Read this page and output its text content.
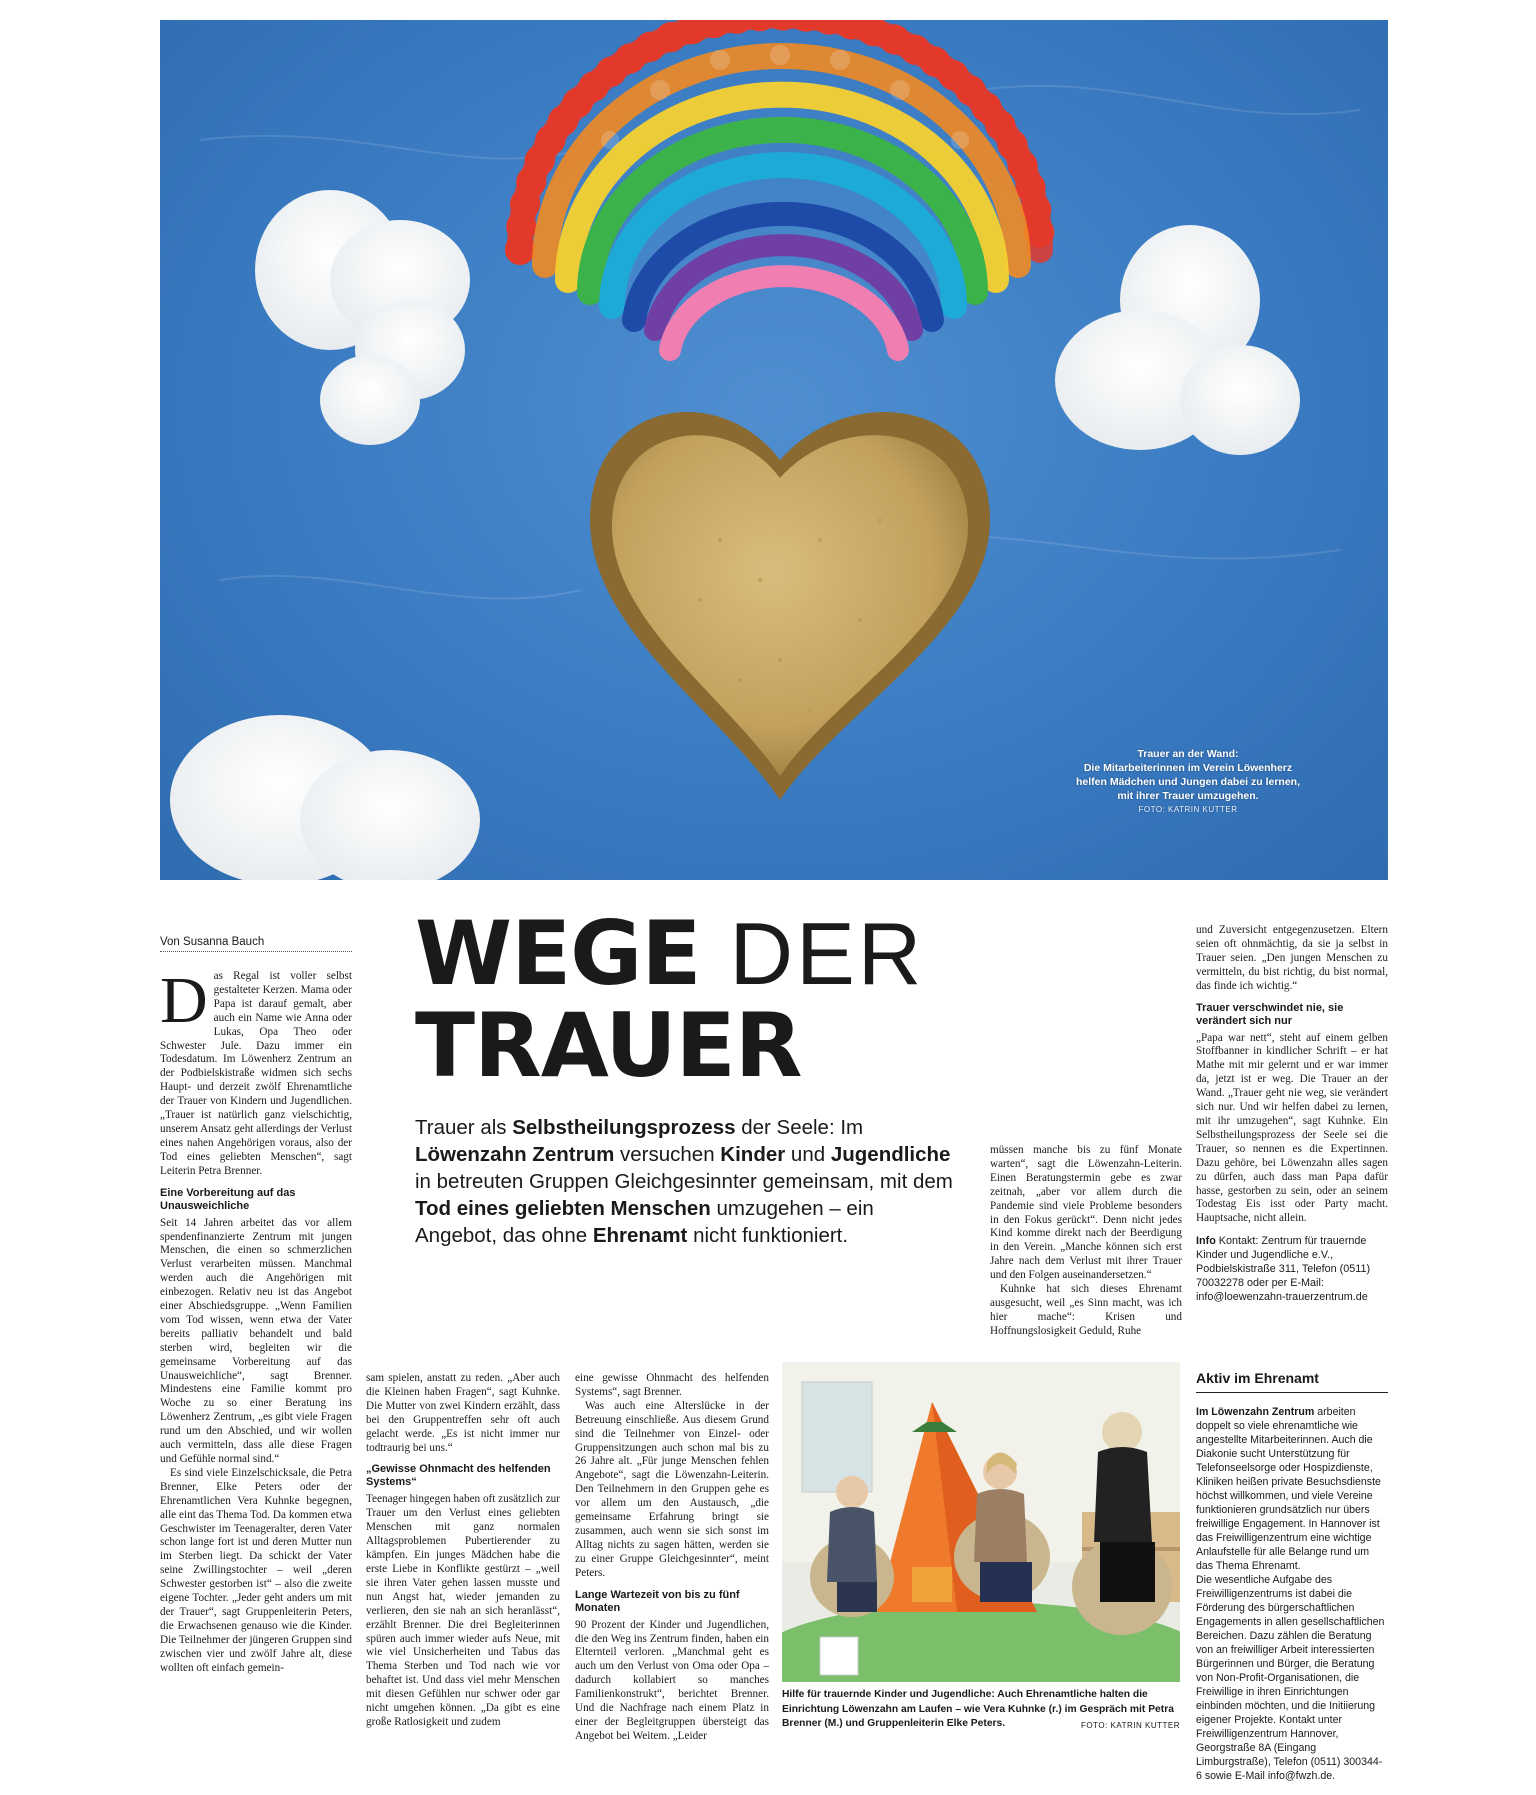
Trauer an der Wand:
Die Mitarbeiterinnen im Verein Löwenherz
helfen Mädchen und Jungen dabei zu lernen,
mit ihrer Trauer umzugehen.
FOTO: KATRIN KUTTER
Von Susanna Bauch	WEGE DER
TRAUER
Trauer als Selbstheilungsprozess der Seele: Im Löwenzahn Zentrum versuchen Kinder und Jugendliche in betreuten Gruppen Gleichgesinnter gemeinsam, mit dem Tod eines geliebten Menschen umzugehen – ein Angebot, das ohne Ehrenamt nicht funktioniert.

Das Regal ist voller selbst gestalteter Kerzen. Mama oder Papa ist darauf gemalt, aber auch ein Name wie Anna oder Lukas, Opa Theo oder Schwester Jule. Dazu immer ein Todesdatum. Im Löwenherz Zentrum an der Podbielskistraße widmen sich sechs Haupt- und derzeit zwölf Ehrenamtliche der Trauer von Kindern und Jugendlichen. „Trauer ist natürlich ganz vielschichtig, unserem Ansatz geht allerdings der Verlust eines nahen Angehörigen voraus, also der Tod eines geliebten Menschen“, sagt Leiterin Petra Brenner.

Eine Vorbereitung auf das Unausweichliche

Seit 14 Jahren arbeitet das vor allem spendenfinanzierte Zentrum mit jungen Menschen, die einen so schmerzlichen Verlust verarbeiten müssen. Manchmal werden auch die Angehörigen mit einbezogen. Relativ neu ist das Angebot einer Abschiedsgruppe. „Wenn Familien vom Tod wissen, wenn etwa der Vater bereits palliativ behandelt und bald sterben wird, begleiten wir die gemeinsame Vorbereitung auf das Unausweichliche“, sagt Brenner. Mindestens eine Familie kommt pro Woche zu so einer Beratung ins Löwenherz Zentrum, „es gibt viele Fragen rund um den Abschied, und wir wollen auch vermitteln, dass alle diese Fragen und Gefühle normal sind.“

Es sind viele Einzelschicksale, die Petra Brenner, Elke Peters oder der Ehrenamtlichen Vera Kuhnke begegnen, alle eint das Thema Tod. Da kommen etwa Geschwister im Teenageralter, deren Vater schon lange fort ist und deren Mutter nun im Sterben liegt. Da schickt der Vater seine Zwillingstochter – weil „deren Schwester gestorben ist“ – also die zweite eigene Tochter. „Jeder geht anders um mit der Trauer“, sagt Gruppenleiterin Peters, die Erwachsenen genauso wie die Kinder. Die Teilnehmer der jüngeren Gruppen sind zwischen vier und zwölf Jahre alt, diese wollten oft einfach gemein-

sam spielen, anstatt zu reden. „Aber auch die Kleinen haben Fragen“, sagt Kuhnke. Die Mutter von zwei Kindern erzählt, dass bei den Gruppentreffen sehr oft auch gelacht werde. „Es ist nicht immer nur todtraurig bei uns.“

„Gewisse Ohnmacht des helfenden Systems“

Teenager hingegen haben oft zusätzlich zur Trauer um den Verlust eines geliebten Menschen mit ganz normalen Alltagsproblemen Pubertierender zu kämpfen. Ein junges Mädchen habe die erste Liebe in Konflikte gestürzt – „weil sie ihren Vater gehen lassen musste und nun Angst hat, wieder jemanden zu verlieren, den sie nah an sich heranlässt“, erzählt Brenner. Die drei Begleiterinnen spüren auch immer wieder aufs Neue, mit wie viel Unsicherheiten und Tabus das Thema Sterben und Tod nach wie vor behaftet ist. Und dass viel mehr Menschen mit diesen Gefühlen nur schwer oder gar nicht umgehen können. „Da gibt es eine große Ratlosigkeit und zudem

eine gewisse Ohnmacht des helfenden Systems“, sagt Brenner.

Was auch eine Alterslücke in der Betreuung einschließe. Aus diesem Grund sind die Teilnehmer von Einzel- oder Gruppensitzungen auch schon mal bis zu 26 Jahre alt. „Für junge Menschen fehlen Angebote“, sagt die Löwenzahn-Leiterin. Den Teilnehmern in den Gruppen gehe es vor allem um den Austausch, „die gemeinsame Erfahrung bringt sie zusammen, auch wenn sie sich sonst im Alltag nichts zu sagen hätten, werden sie zu einer Gruppe Gleichgesinnter“, meint Peters.

Lange Wartezeit von bis zu fünf Monaten

90 Prozent der Kinder und Jugendlichen, die den Weg ins Zentrum finden, haben ein Elternteil verloren. „Manchmal geht es auch um den Verlust von Oma oder Opa – dadurch kollabiert so manches Familienkonstrukt“, berichtet Brenner. Und die Nachfrage nach einem Platz in einer der Begleitgruppen übersteigt das Angebot bei Weitem. „Leider

müssen manche bis zu fünf Monate warten“, sagt die Löwenzahn-Leiterin. Einen Beratungstermin gebe es zwar zeitnah, „aber vor allem durch die Pandemie sind viele Probleme besonders in den Fokus gerückt“. Denn nicht jedes Kind komme direkt nach der Beerdigung in den Verein. „Manche können sich erst Jahre nach dem Verlust mit ihrer Trauer und den Folgen auseinandersetzen.“

Kuhnke hat sich dieses Ehrenamt ausgesucht, weil „es Sinn macht, was ich hier mache“: Krisen und Hoffnungslosigkeit Geduld, Ruhe

und Zuversicht entgegenzusetzen. Eltern seien oft ohnmächtig, da sie ja selbst in Trauer seien. „Den jungen Menschen zu vermitteln, du bist richtig, du bist normal, das finde ich wichtig.“

Trauer verschwindet nie, sie verändert sich nur

„Papa war nett“, steht auf einem gelben Stoffbanner in kindlicher Schrift – er hat Mathe mit mir gelernt und er war immer da, jetzt ist er weg. Die Trauer an der Wand. „Trauer geht nie weg, sie verändert sich nur. Und wir helfen dabei zu lernen, mit ihr umzugehen“, sagt Kuhnke. Ein Selbstheilungsprozess der Seele sei die Trauer, so nennen es die Expertinnen. Dazu gehöre, bei Löwenzahn alles sagen zu dürfen, auch dass man Papa dafür hasse, gestorben zu sein, oder an seinem Todestag Eis isst oder Party macht. Hauptsache, nicht allein.

Info Kontakt: Zentrum für trauernde Kinder und Jugendliche e.V., Podbielskistraße 311, Telefon (0511) 70032278 oder per E-Mail: info@loewenzahn-trauerzentrum.de

Hilfe für trauernde Kinder und Jugendliche: Auch Ehrenamtliche halten die Einrichtung Löwenzahn am Laufen – wie Vera Kuhnke (r.) im Gespräch mit Petra Brenner (M.) und Gruppenleiterin Elke Peters.	FOTO: KATRIN KUTTER
Aktiv im Ehrenamt

Im Löwenzahn Zentrum arbeiten doppelt so viele ehrenamtliche wie angestellte Mitarbeiterinnen. Auch die Diakonie sucht Unterstützung für Telefonseelsorge oder Hospizdienste, Kliniken heißen private Besuchsdienste höchst willkommen, und viele Vereine funktionieren grundsätzlich nur übers freiwillige Engagement. In Hannover ist das Freiwilligenzentrum eine wichtige Anlaufstelle für alle Belange rund um das Thema Ehrenamt.

Die wesentliche Aufgabe des Freiwilligenzentrums ist dabei die Förderung des bürgerschaftlichen Engagements in allen gesellschaftlichen Bereichen. Dazu zählen die Beratung von an freiwilliger Arbeit interessierten Bürgerinnen und Bürger, die Beratung von Non-Profit-Organisationen, die Freiwillige in ihren Einrichtungen einbinden möchten, und die Initiierung eigener Projekte. Kontakt unter Freiwilligenzentrum Hannover, Georgstraße 8A (Eingang Limburgstraße), Telefon (0511) 300344-6 sowie E-Mail info@fwzh.de.
